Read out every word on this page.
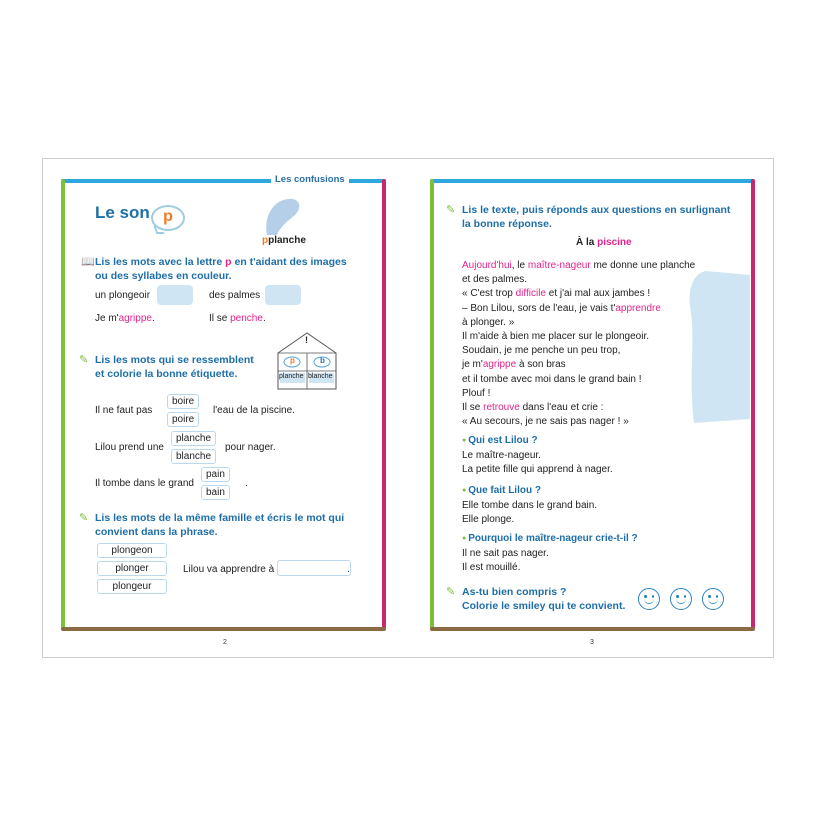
Les confusions
2
Le son p
pplanche
📖 Lis les mots avec la lettre p en t'aidant des images
ou des syllabes en couleur.
un plongeoir	des palmes
Je m'agrippe.	Il se penche.
✎ Lis les mots qui se ressemblent
et colorie la bonne étiquette.
!
p	b
planche blanche
Il ne faut pas
boire
poire
l'eau de la piscine.
Lilou prend une
planche
blanche
pour nager.
Il tombe dans le grand
pain
bain
.
✎ Lis les mots de la même famille et écris le mot qui
convient dans la phrase.
plongeon
plonger
plongeur
Lilou va apprendre à	.
3
✎ Lis le texte, puis réponds aux questions en surlignant
la bonne réponse.
À la piscine
Aujourd'hui, le maître-nageur me donne une planche
et des palmes.
« C'est trop difficile et j'ai mal aux jambes !
– Bon Lilou, sors de l'eau, je vais t'apprendre
à plonger. »
Il m'aide à bien me placer sur le plongeoir.
Soudain, je me penche un peu trop,
je m'agrippe à son bras
et il tombe avec moi dans le grand bain !
Plouf !
Il se retrouve dans l'eau et crie :
« Au secours, je ne sais pas nager ! »
● Qui est Lilou ?
Le maître-nageur.
La petite fille qui apprend à nager.
● Que fait Lilou ?
Elle tombe dans le grand bain.
Elle plonge.
● Pourquoi le maître-nageur crie-t-il ?
Il ne sait pas nager.
Il est mouillé.
✎ As-tu bien compris ?
Colorie le smiley qui te convient.
